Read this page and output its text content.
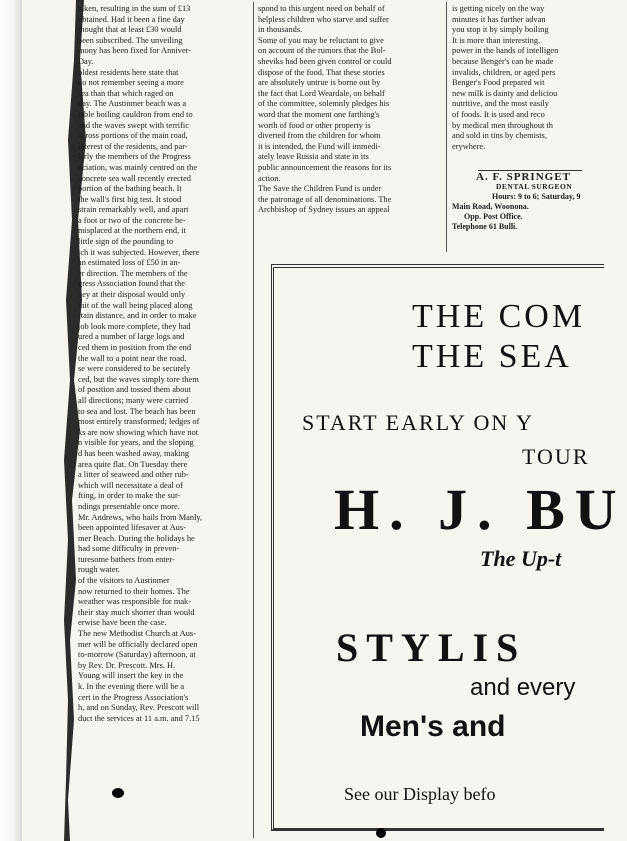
taken, resulting in the sum of £13
obtained. Had it been a fine day
thought that at least £30 would
been subscribed. The unveiling
mony has been fixed for Anniver-
Day.
oldest residents here state that
do not remember seeing a more
sea than that which raged on
day. The Austinmer beach was a
table boiling cauldron from end to
and the waves swept with terrific
across portions of the main road,
interest of the residents, and par-
larly the members of the Progress
ociation, was mainly centred on the
concrete sea wall recently erected
portion of the bathing beach. It
the wall's first big test. It stood
strain remarkably well, and apart
a foot or two of the concrete be-
misplaced at the northern end, it
little sign of the pounding to
ich it was subjected. However, there
an estimated loss of £50 in an-
er direction. The members of the
gress Association found that the
ney at their disposal would only
mit of the wall being placed along
rtain distance, and in order to make
job look more complete, they had
ured a number of large logs and
ced them in position from the end
the wall to a point near the road.
se were considered to be securely
ced, but the waves simply tore them
of position and tossed them about
all directions; many were carried
to sea and lost. The beach has been
most entirely transformed; ledges of
ks are now showing which have not
n visible for years, and the sloping
d has been washed away, making
area quite flat. On Tuesday there
a litter of seaweed and other rub-
which will necessitate a deal of
fting, in order to make the sur-
ndings presentable once more.
Mr. Andrews, who hails from Manly,
been appointed lifesaver at Aus-
mer Beach. During the holidays he
had some difficulty in preven-
turesome bathers from enter-
rough water.
of the visitors to Austinmer
now returned to their homes. The
weather was responsible for mak-
their stay much shorter than would
erwise have been the case.
The new Methodist Church at Aus-
mer will be officially declared open
to-morrow (Saturday) afternoon, at
by Rev. Dr. Prescott. Mrs. H.
Young will insert the key in the
k. In the evening there will be a
cert in the Progress Association's
h, and on Sunday, Rev. Prescott will
duct the services at 11 a.m. and 7.15
spond to this urgent need on behalf of
helpless children who starve and suffer
in thousands.
Some of you may be reluctant to give
on account of the rumors that the Bol-
sheviks had been given control or could
dispose of the food. That these stories
are absolutely untrue is borne out by
the fact that Lord Weardale, on behalf
of the committee, solemnly pledges his
word that the moment one farthing's
worth of food or other property is
diverted from the children for whom
it is intended, the Fund will immedi-
ately leave Russia and state in its
public announcement the reasons for its
action.
The Save the Children Fund is under
the patronage of all denominations. The
Archbishop of Sydney issues an appeal
is getting nicely on the way
minutes it has further advan
you stop it by simply boiling
It is more than interesting.
power in the hands of intelligen
because Benger's can be made
invalids, children, or aged pers
Benger's Food prepared wit
new milk is dainty and deliciou
nutritive, and the most easily
of foods. It is used and reco
by medical men throughout th
and sold in tins by chemists,
erywhere.
A. F. SPRINGET
DENTAL SURGEON
Hours: 9 to 6; Saturday, 9
Main Road, Woonona.
Opp. Post Office.
Telephone 61 Bulli.
THE COM
THE SEA
START EARLY ON Y
TOUR
H. J. BU
The Up-t
STYLIS
and every
Men's and
See our Display befo
